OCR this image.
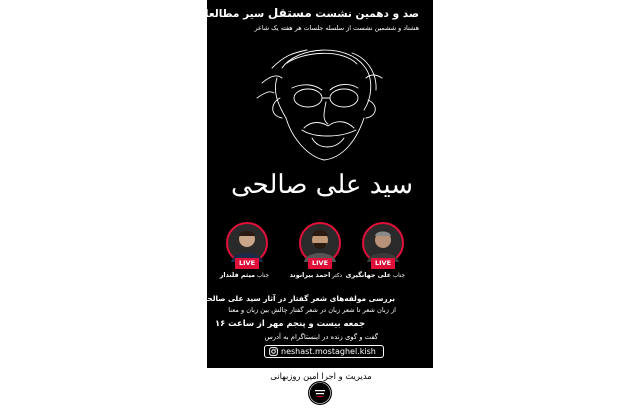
صد و دهمین نشست مستقل سیر مطالعاتی
هشتاد و ششمین نشست از سلسله جلسات هر هفته یک شاعر
سید علی صالحی
LIVE
جناب میثم قلندار
LIVE
دکتر احمد بیرانوند
LIVE
جناب علی جهانگیری
بررسی مولفه‌های شعر گفتار در آثار سید علی صالحی
از زبان شعر تا شعر زبان در شعر گفتار چالش بین زبان و معنا
جمعه بیست و پنجم مهر از ساعت ۱۶
گفت و گوی زنده در اینستاگرام به آدرس
neshast.mostaghel.kish
مدیریت و اجرا امین روزبهانی
